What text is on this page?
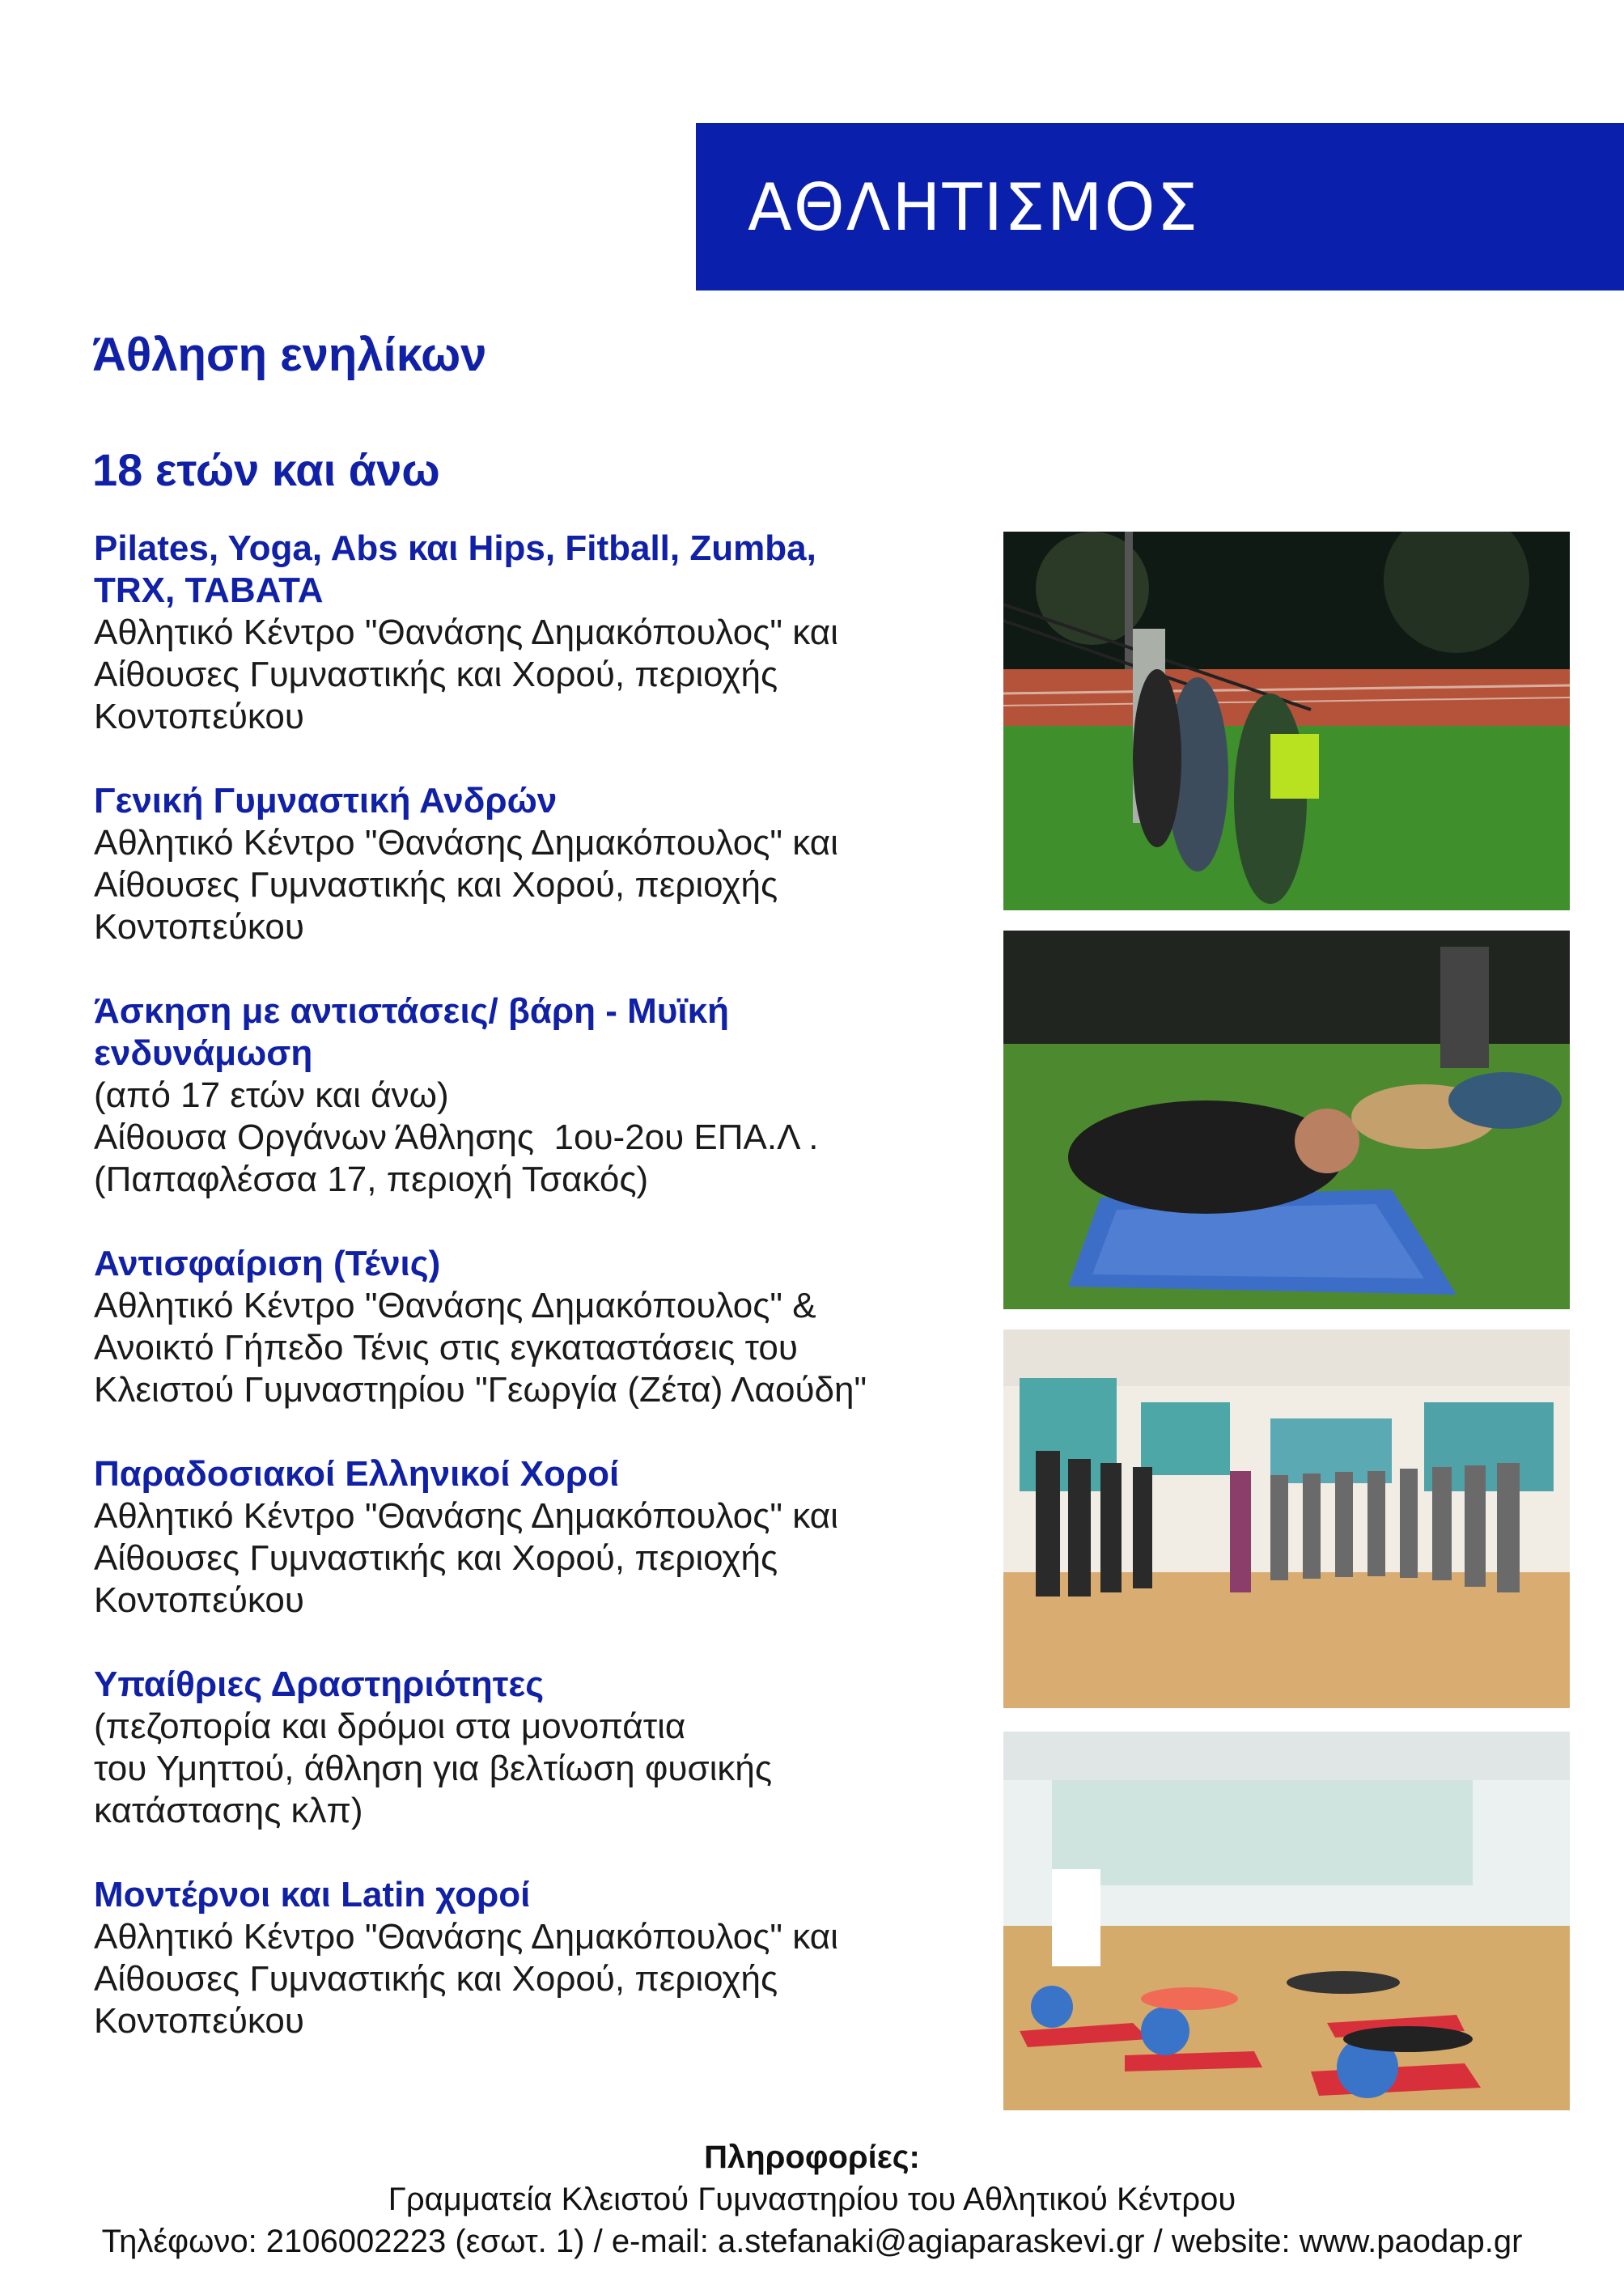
ΑΘΛΗΤΙΣΜΟΣ
Άθληση ενηλίκων
18 ετών και άνω
Pilates, Yoga, Abs και Hips, Fitball, Zumba,
TRX, TABATA
Αθλητικό Κέντρο "Θανάσης Δημακόπουλος" και
Αίθουσες Γυμναστικής και Χορού, περιοχής
Κοντοπεύκου
Γενική Γυμναστική Ανδρών
Αθλητικό Κέντρο "Θανάσης Δημακόπουλος" και
Αίθουσες Γυμναστικής και Χορού, περιοχής
Κοντοπεύκου
Άσκηση με αντιστάσεις/ βάρη - Μυϊκή
ενδυνάμωση
(από 17 ετών και άνω)
Αίθουσα Οργάνων Άθλησης  1ου-2ου ΕΠΑ.Λ .
(Παπαφλέσσα 17, περιοχή Τσακός)
Αντισφαίριση (Τένις)
Αθλητικό Κέντρο "Θανάσης Δημακόπουλος" &
Ανοικτό Γήπεδο Τένις στις εγκαταστάσεις του
Κλειστού Γυμναστηρίου "Γεωργία (Ζέτα) Λαούδη"
Παραδοσιακοί Ελληνικοί Χοροί
Αθλητικό Κέντρο "Θανάσης Δημακόπουλος" και
Αίθουσες Γυμναστικής και Χορού, περιοχής
Κοντοπεύκου
Υπαίθριες Δραστηριότητες
(πεζοπορία και δρόμοι στα μονοπάτια
του Υμηττού, άθληση για βελτίωση φυσικής
κατάστασης κλπ)
Μοντέρνοι και Latin χοροί
Αθλητικό Κέντρο "Θανάσης Δημακόπουλος" και
Αίθουσες Γυμναστικής και Χορού, περιοχής
Κοντοπεύκου
Πληροφορίες:
Γραμματεία Κλειστού Γυμναστηρίου του Αθλητικού Κέντρου
Τηλέφωνο: 2106002223 (εσωτ. 1) / e-mail: a.stefanaki@agiaparaskevi.gr / website: www.paodap.gr
